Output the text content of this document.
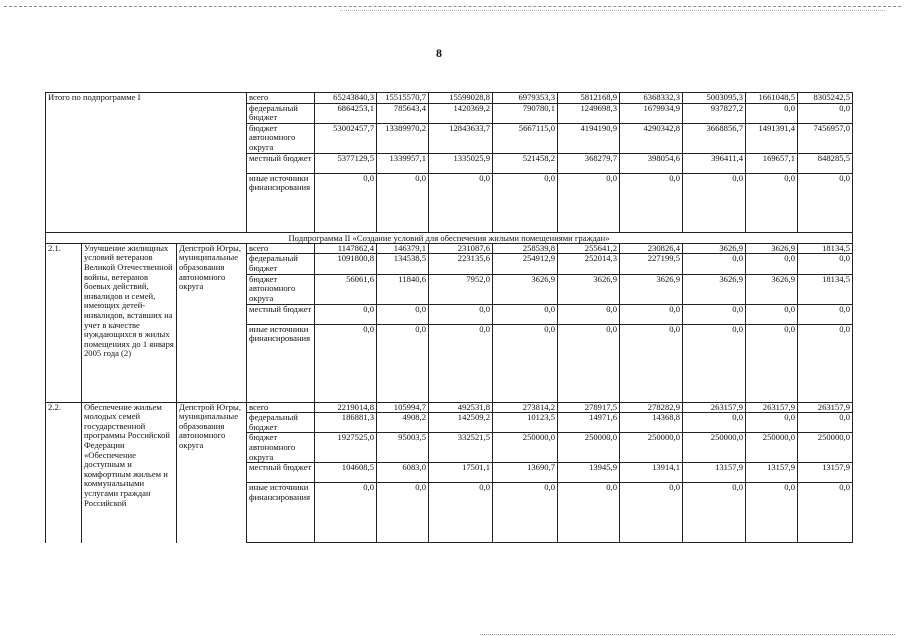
8
Итого по подпрограмме I			всего	65243840,3	15515570,7	15599028,8	6979353,3	5812168,9	6368332,3	5003095,3	1661048,5	8305242,5
			федеральный бюджет	6864253,1	785643,4	1420369,2	790780,1	1249698,3	1679934,9	937827,2	0,0	0,0
			бюджет автономного округа	53002457,7	13389970,2	12843633,7	5667115,0	4194190,9	4290342,8	3668856,7	1491391,4	7456957,0
			местный бюджет	5377129,5	1339957,1	1335025,9	521458,2	368279,7	398054,6	396411,4	169657,1	848285,5
			иные источники финансирования	0,0	0,0	0,0	0,0	0,0	0,0	0,0	0,0	0,0
Подпрограмма II «Создание условий для обеспечения жилыми помещениями граждан»												
2.1.	Улучшение жилищных условий ветеранов Великой Отечественной войны, ветеранов боевых действий, инвалидов и семей, имеющих детей-инвалидов, вставших на учет в качестве нуждающихся в жилых помещениях до 1 января 2005 года (2)	Депстрой Югры, муниципальные образования автономного округа	всего	1147862,4	146379,1	231087,6	258539,8	255641,2	230826,4	3626,9	3626,9	18134,5
			федеральный бюджет	1091800,8	134538,5	223135,6	254912,9	252014,3	227199,5	0,0	0,0	0,0
			бюджет автономного округа	56061,6	11840,6	7952,0	3626,9	3626,9	3626,9	3626,9	3626,9	18134,5
			местный бюджет	0,0	0,0	0,0	0,0	0,0	0,0	0,0	0,0	0,0
			иные источники финансирования	0,0	0,0	0,0	0,0	0,0	0,0	0,0	0,0	0,0
2.2.	Обеспечение жильем молодых семей государственной программы Российской Федерации «Обеспечение доступным и комфортным жильем и коммунальными услугами граждан Российской	Депстрой Югры, муниципальные образования автономного округа	всего	2219014,8	105994,7	492531,8	273814,2	278917,5	278282,9	263157,9	263157,9	263157,9
			федеральный бюджет	186881,3	4908,2	142509,2	10123,5	14971,6	14368,8	0,0	0,0	0,0
			бюджет автономного округа	1927525,0	95003,5	332521,5	250000,0	250000,0	250000,0	250000,0	250000,0	250000,0
			местный бюджет	104608,5	6083,0	17501,1	13690,7	13945,9	13914,1	13157,9	13157,9	13157,9
			иные источники финансирования	0,0	0,0	0,0	0,0	0,0	0,0	0,0	0,0	0,0
